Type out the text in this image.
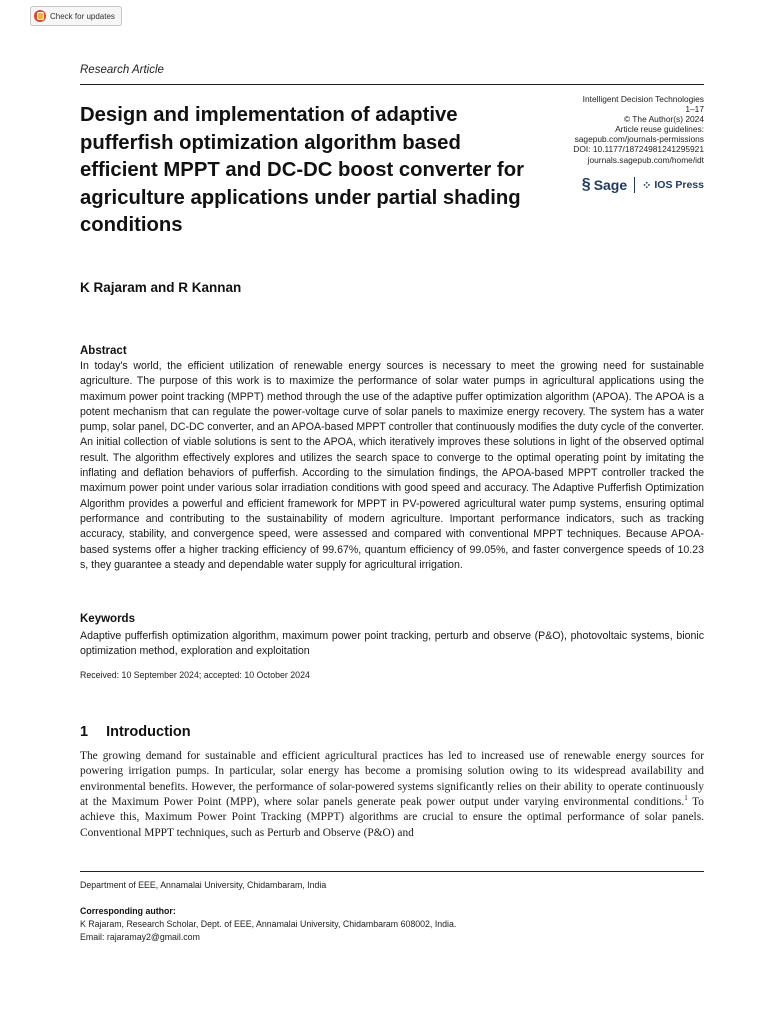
Check for updates
Research Article
Design and implementation of adaptive pufferfish optimization algorithm based efficient MPPT and DC-DC boost converter for agriculture applications under partial shading conditions
Intelligent Decision Technologies
1–17
© The Author(s) 2024
Article reuse guidelines:
sagepub.com/journals-permissions
DOI: 10.1177/18724981241295921
journals.sagepub.com/home/idt
§ Sage ⁘ IOS Press
K Rajaram and R Kannan
Abstract
In today's world, the efficient utilization of renewable energy sources is necessary to meet the growing need for sustainable agriculture. The purpose of this work is to maximize the performance of solar water pumps in agricultural applications using the maximum power point tracking (MPPT) method through the use of the adaptive puffer optimization algorithm (APOA). The APOA is a potent mechanism that can regulate the power-voltage curve of solar panels to maximize energy recovery. The system has a water pump, solar panel, DC-DC converter, and an APOA-based MPPT controller that continuously modifies the duty cycle of the converter. An initial collection of viable solutions is sent to the APOA, which iteratively improves these solutions in light of the observed optimal result. The algorithm effectively explores and utilizes the search space to converge to the optimal operating point by imitating the inflating and deflation behaviors of pufferfish. According to the simulation findings, the APOA-based MPPT controller tracked the maximum power point under various solar irradiation conditions with good speed and accuracy. The Adaptive Pufferfish Optimization Algorithm provides a powerful and efficient framework for MPPT in PV-powered agricultural water pump systems, ensuring optimal performance and contributing to the sustainability of modern agriculture. Important performance indicators, such as tracking accuracy, stability, and convergence speed, were assessed and compared with conventional MPPT techniques. Because APOA-based systems offer a higher tracking efficiency of 99.67%, quantum efficiency of 99.05%, and faster convergence speeds of 10.23 s, they guarantee a steady and dependable water supply for agricultural irrigation.
Keywords
Adaptive pufferfish optimization algorithm, maximum power point tracking, perturb and observe (P&O), photovoltaic systems, bionic optimization method, exploration and exploitation
Received: 10 September 2024; accepted: 10 October 2024
1 Introduction

The growing demand for sustainable and efficient agricultural practices has led to increased use of renewable energy sources for powering irrigation pumps. In particular, solar energy has become a promising solution owing to its widespread availability and environmental benefits. However, the performance of solar-powered systems significantly relies on their ability to operate continuously at the Maximum Power Point (MPP), where solar panels generate peak power output under varying environmental conditions.$^1$ To achieve this, Maximum Power Point Tracking (MPPT) algorithms are crucial to ensure the optimal performance of solar panels. Conventional MPPT techniques, such as Perturb and Observe (P&O) and

Department of EEE, Annamalai University, Chidambaram, India
Corresponding author:
K Rajaram, Research Scholar, Dept. of EEE, Annamalai University, Chidambaram 608002, India.
Email: rajaramay2@gmail.com
